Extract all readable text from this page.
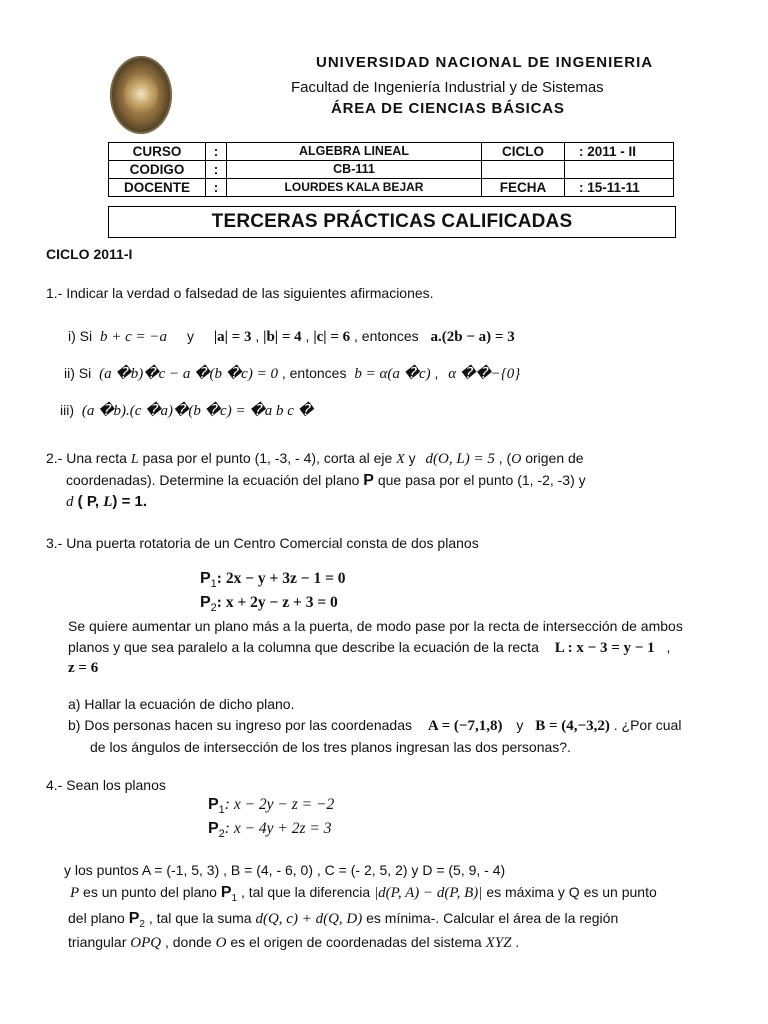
UNIVERSIDAD NACIONAL DE INGENIERIA
Facultad de Ingeniería Industrial y de Sistemas
ÁREA DE CIENCIAS BÁSICAS
CURSO	:	ALGEBRA LINEAL	CICLO	: 2011 - II
CODIGO	:	CB-111		
DOCENTE	:	LOURDES KALA BEJAR	FECHA	: 15-11-11
TERCERAS PRÁCTICAS CALIFICADAS
CICLO 2011-I
1.- Indicar la verdad o falsedad de las siguientes afirmaciones.
i) Si b + c = −a y |a| = 3 , |b| = 4 , |c| = 6 , entonces a.(2b − a) = 3
ii) Si (a �b)�c − a �(b �c) = 0 , entonces b = α(a �c) , α ��−{0}
iii) (a �b).(c �a)�(b �c) = �a b c �
2.- Una recta L pasa por el punto (1, -3, - 4), corta al eje X y d(O, L) = 5 , (O origen de
coordenadas). Determine la ecuación del plano P que pasa por el punto (1, -2, -3) y
d ( P, L) = 1.
3.- Una puerta rotatoria de un Centro Comercial consta de dos planos
$P_1$: 2x − y + 3z − 1 = 0
$P_2$: x + 2y − z + 3 = 0
Se quiere aumentar un plano más a la puerta, de modo pase por la recta de intersección de ambos
planos y que sea paralelo a la columna que describe la ecuación de la recta L : x − 3 = y − 1 ,
z = 6
a) Hallar la ecuación de dicho plano.
b) Dos personas hacen su ingreso por las coordenadas A = (−7,1,8) y B = (4,−3,2) . ¿Por cual
de los ángulos de intersección de los tres planos ingresan las dos personas?.
4.- Sean los planos
$P_1$: x − 2y − z = −2
$P_2$: x − 4y + 2z = 3
y los puntos A = (-1, 5, 3) , B = (4, - 6, 0) , C = (- 2, 5, 2) y D = (5, 9, - 4)
P es un punto del plano $P_1$ , tal que la diferencia |d(P, A) − d(P, B)| es máxima y Q es un punto
del plano $P_2$ , tal que la suma d(Q, c) + d(Q, D) es mínima-. Calcular el área de la región
triangular OPQ , donde O es el origen de coordenadas del sistema XYZ .
